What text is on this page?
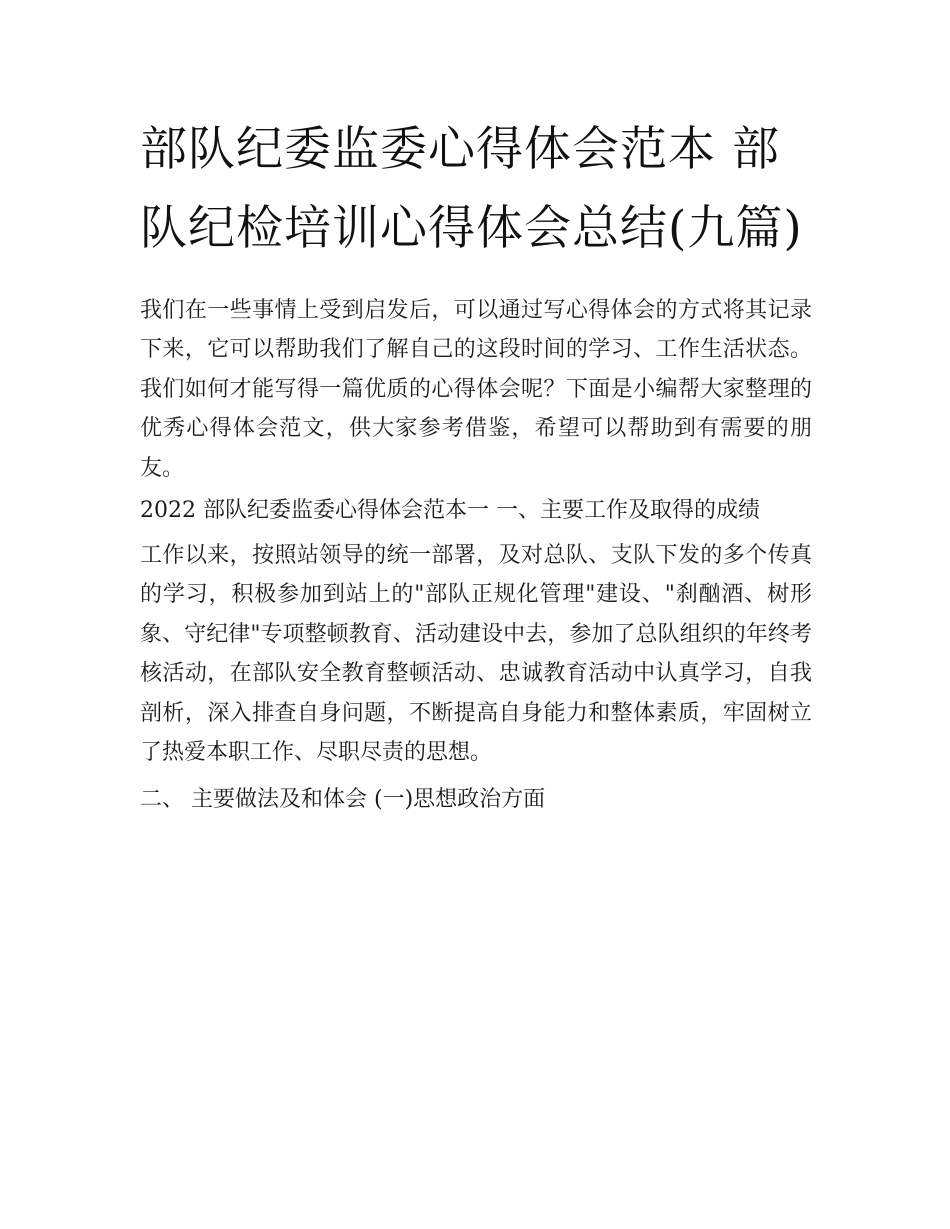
部队纪委监委心得体会范本 部队纪检培训心得体会总结(九篇)

我们在一些事情上受到启发后，可以通过写心得体会的方式将其记录下来，它可以帮助我们了解自己的这段时间的学习、工作生活状态。我们如何才能写得一篇优质的心得体会呢？下面是小编帮大家整理的优秀心得体会范文，供大家参考借鉴，希望可以帮助到有需要的朋友。

2022 部队纪委监委心得体会范本一 一、主要工作及取得的成绩

工作以来，按照站领导的统一部署，及对总队、支队下发的多个传真的学习，积极参加到站上的"部队正规化管理"建设、"刹酗酒、树形象、守纪律"专项整顿教育、活动建设中去，参加了总队组织的年终考核活动，在部队安全教育整顿活动、忠诚教育活动中认真学习，自我剖析，深入排查自身问题，不断提高自身能力和整体素质，牢固树立了热爱本职工作、尽职尽责的思想。

二、 主要做法及和体会 (一)思想政治方面
